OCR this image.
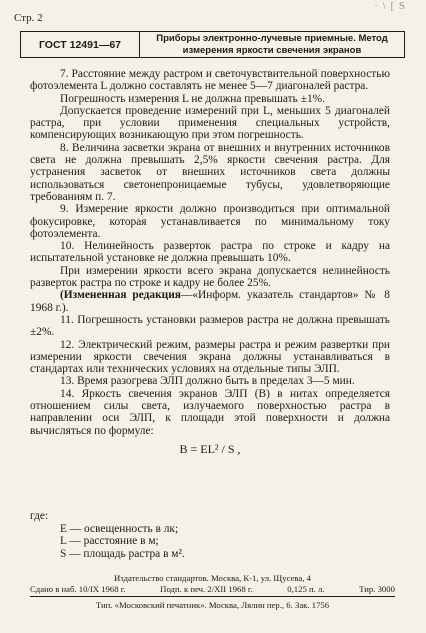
Стр. 2
· \ [ S
ГОСТ 12491—67	Приборы электронно-лучевые приемные. Метод
измерения яркости свечения экранов

7. Расстояние между растром и светочувствительной поверхностью фотоэлемента L должно составлять не менее 5—7 диагоналей растра.

Погрешность измерения L не должна превышать ±1%.

Допускается проведение измерений при L, меньших 5 диагоналей растра, при условии применения специальных устройств, компенсирующих возникающую при этом погрешность.

8. Величина засветки экрана от внешних и внутренних источников света не должна превышать 2,5% яркости свечения растра. Для устранения засветок от внешних источников света должны использоваться светонепроницаемые тубусы, удовлетворяющие требованиям п. 7.

9. Измерение яркости должно производиться при оптимальной фокусировке, которая устанавливается по минимальному току фотоэлемента.

10. Нелинейность разверток растра по строке и кадру на испытательной установке не должна превышать 10%.

При измерении яркости всего экрана допускается нелинейность разверток растра по строке и кадру не более 25%.

(Измененная редакция—«Информ. указатель стандартов» № 8 1968 г.).

11. Погрешность установки размеров растра не должна превышать ±2%.

12. Электрический режим, размеры растра и режим развертки при измерении яркости свечения экрана должны устанавливаться в стандартах или технических условиях на отдельные типы ЭЛП.

13. Время разогрева ЭЛП должно быть в пределах 3—5 мин.

14. Яркость свечения экранов ЭЛП (B) в нитах определяется отношением силы света, излучаемого поверхностью растра в направлении оси ЭЛП, к площади этой поверхности и должна вычисляться по формуле:

B = EL² / S ,

где:
E — освещенность в лк;
L — расстояние в м;
S — площадь растра в м².
Издательство стандартов. Москва, К-1, ул. Щусева, 4
Сдано в наб. 10/IX 1968 г.	Подп. к печ. 2/XII 1968 г.	0,125 п. л.	Тир. 3000
Тип. «Московский печатник». Москва, Лялин пер., 6. Зак. 1756
